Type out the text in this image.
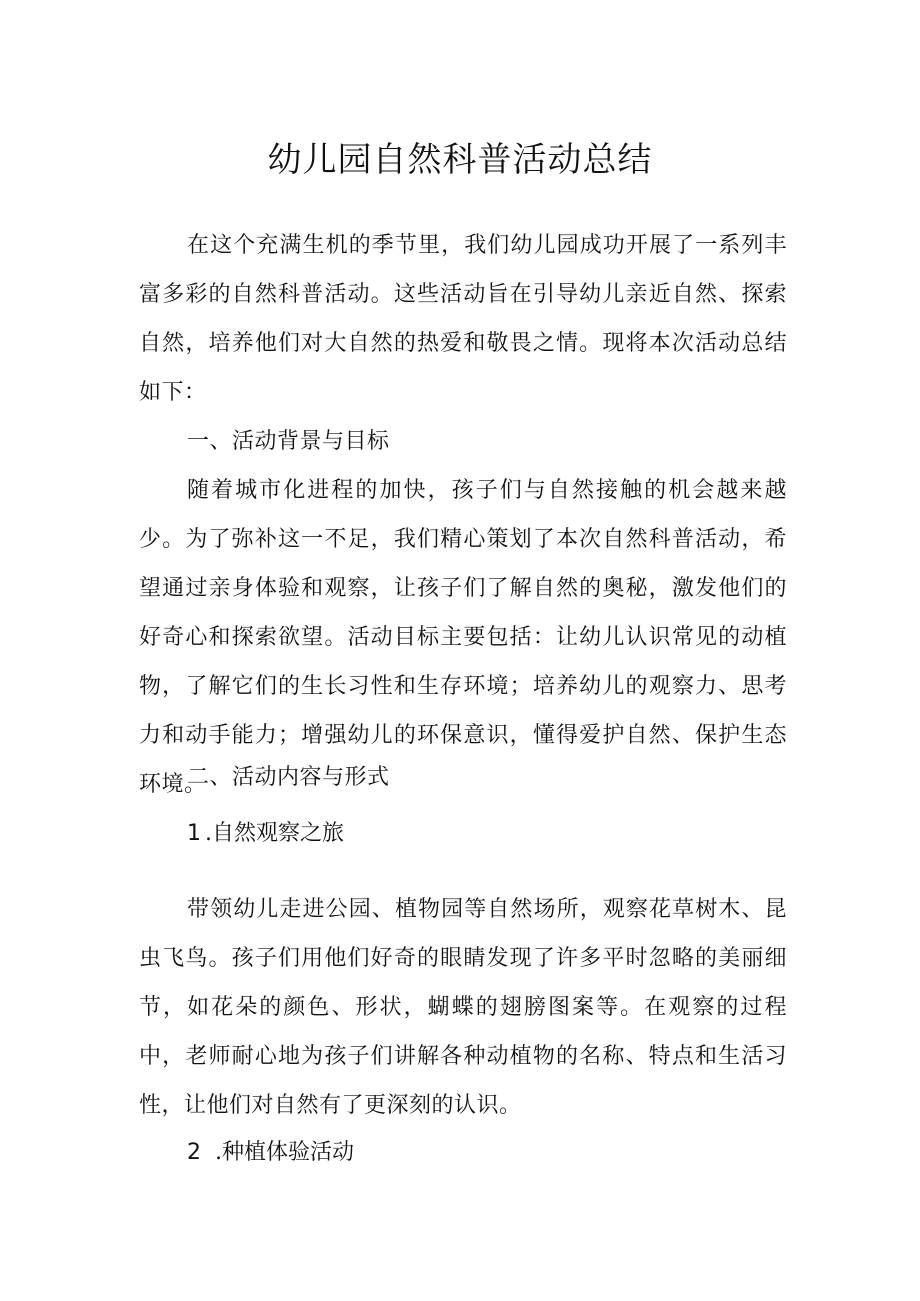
幼儿园自然科普活动总结

在这个充满生机的季节里，我们幼儿园成功开展了一系列丰富多彩的自然科普活动。这些活动旨在引导幼儿亲近自然、探索自然，培养他们对大自然的热爱和敬畏之情。现将本次活动总结如下：

一、活动背景与目标

随着城市化进程的加快，孩子们与自然接触的机会越来越少。为了弥补这一不足，我们精心策划了本次自然科普活动，希望通过亲身体验和观察，让孩子们了解自然的奥秘，激发他们的好奇心和探索欲望。活动目标主要包括：让幼儿认识常见的动植物，了解它们的生长习性和生存环境；培养幼儿的观察力、思考力和动手能力；增强幼儿的环保意识，懂得爱护自然、保护生态环境。

二、活动内容与形式

1 .自然观察之旅

带领幼儿走进公园、植物园等自然场所，观察花草树木、昆虫飞鸟。孩子们用他们好奇的眼睛发现了许多平时忽略的美丽细节，如花朵的颜色、形状，蝴蝶的翅膀图案等。在观察的过程中，老师耐心地为孩子们讲解各种动植物的名称、特点和生活习性，让他们对自然有了更深刻的认识。

2 .种植体验活动
